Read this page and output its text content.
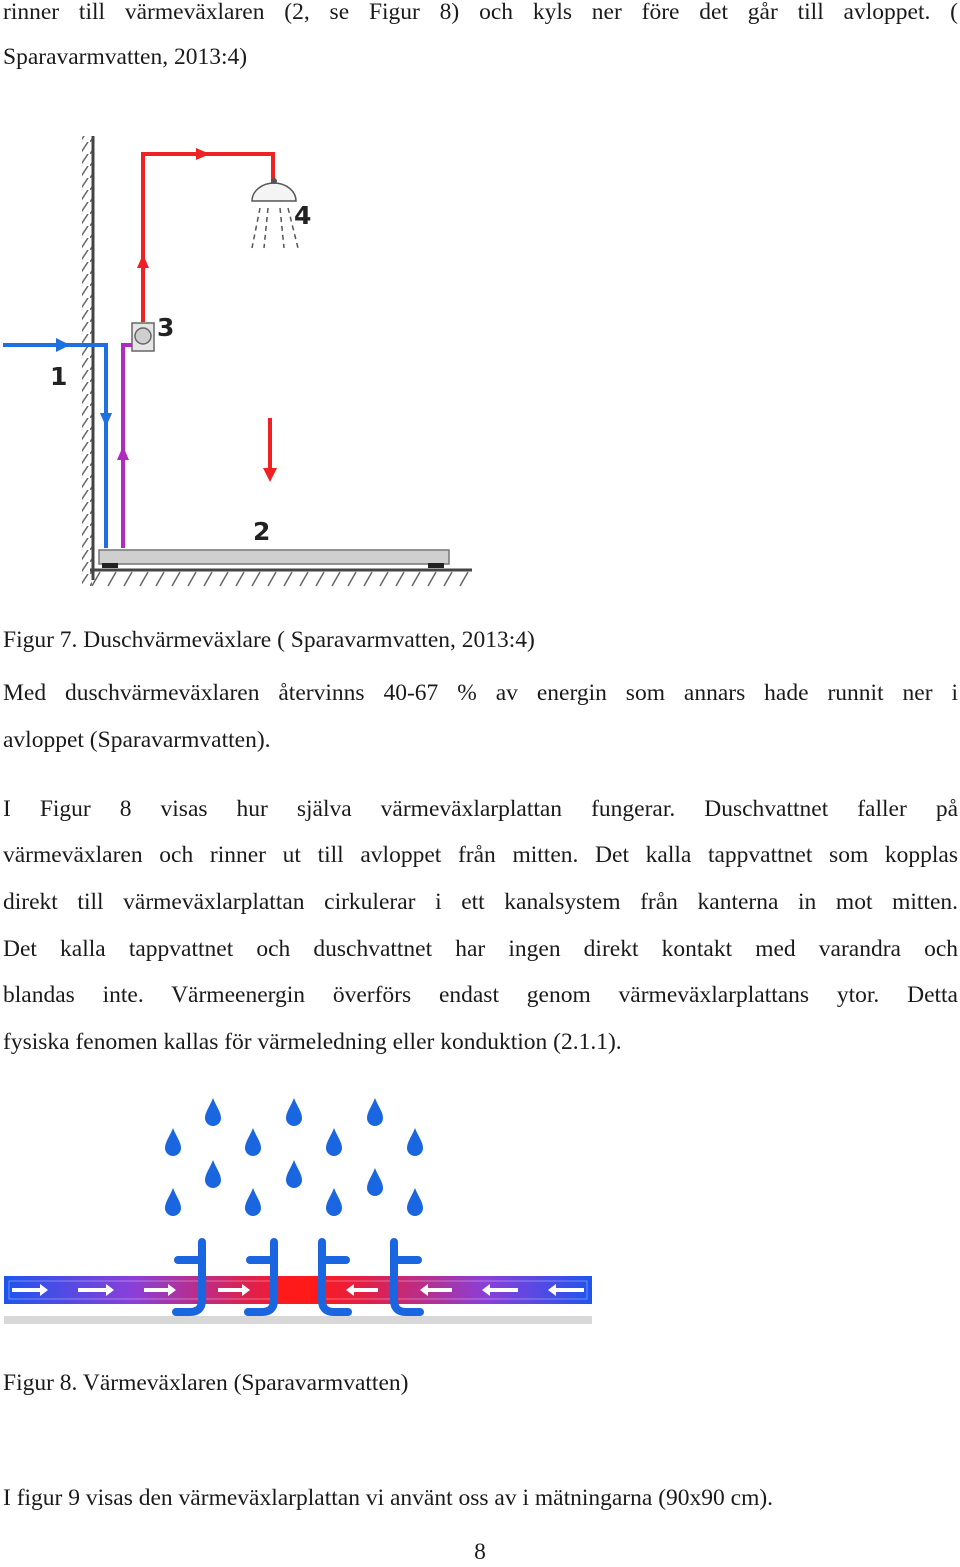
rinner till värmeväxlaren (2, se Figur 8) och kyls ner före det går till avloppet. (
Sparavarmvatten, 2013:4)
1
2
3
4
Figur 7. Duschvärmeväxlare ( Sparavarmvatten, 2013:4)
Med duschvärmeväxlaren återvinns 40-67 % av energin som annars hade runnit ner i
avloppet (Sparavarmvatten).
I Figur 8 visas hur själva värmeväxlarplattan fungerar. Duschvattnet faller på
värmeväxlaren och rinner ut till avloppet från mitten. Det kalla tappvattnet som kopplas
direkt till värmeväxlarplattan cirkulerar i ett kanalsystem från kanterna in mot mitten.
Det kalla tappvattnet och duschvattnet har ingen direkt kontakt med varandra och
blandas inte. Värmeenergin överförs endast genom värmeväxlarplattans ytor. Detta
fysiska fenomen kallas för värmeledning eller konduktion (2.1.1).
Figur 8. Värmeväxlaren (Sparavarmvatten)
I figur 9 visas den värmeväxlarplattan vi använt oss av i mätningarna (90x90 cm).
8
